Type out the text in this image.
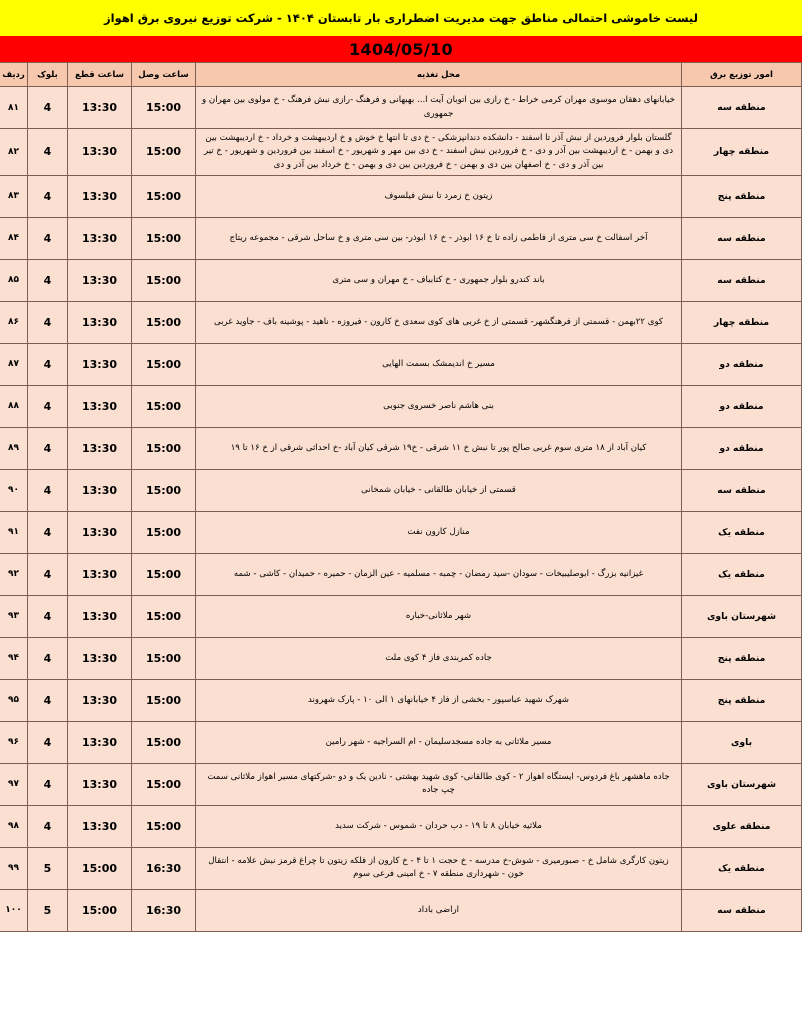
لیست خاموشی احتمالی مناطق جهت مدیریت اضطراری بار تابستان ۱۴۰۴ - شرکت توزیع نیروی برق اهواز
1404/05/10
امور توزیع برق	محل تغذیه	ساعت وصل	ساعت قطع	بلوک	ردیف
منطقه سه	خیابانهای دهقان موسوی مهران کرمی خراط - خ رازی بین اتوبان آیت ا... بهبهانی و فرهنگ -رازی نبش فرهنگ - خ مولوی بین مهران و جمهوری	15:00	13:30	4	۸۱
منطقه چهار	گلستان بلوار فروردین از نبش آذر تا اسفند - دانشکده دندانپزشکی - خ دی تا انتها خ خوش و خ اردیبهشت و خرداد - خ اردیبهشت بین دی و بهمن - خ اردیبهشت بین آذر و دی - خ فروردین نبش اسفند - خ دی بین مهر و شهریور - خ اسفند بین فروردین و شهریور - خ تیر بین آذر و دی - خ اصفهان بین دی و بهمن - خ فروردین بین دی و بهمن - خ خرداد بین آذر و دی	15:00	13:30	4	۸۲
منطقه پنج	زیتون خ زمرد تا نبش فیلسوف	15:00	13:30	4	۸۳
منطقه سه	آخر اسفالت خ سی متری از فاطمی زاده تا خ ۱۶ ابوذر - خ ۱۶ ابوذر- بین سی متری و خ ساحل شرقی - مجموعه ریتاج	15:00	13:30	4	۸۴
منطقه سه	باند کندرو بلوار جمهوری - خ کتابباف - خ مهران و سی متری	15:00	13:30	4	۸۵
منطقه چهار	کوی ۲۲بهمن - قسمتی از فرهنگشهر- قسمتی از خ غربی های کوی سعدی خ کارون - فیروزه - ناهید - پوشینه باف - جاوید غربی	15:00	13:30	4	۸۶
منطقه دو	مسیر خ اندیمشک بسمت الهایی	15:00	13:30	4	۸۷
منطقه دو	بنی هاشم ناصر خسروی جنوبی	15:00	13:30	4	۸۸
منطقه دو	کیان آباد از ۱۸ متری سوم غربی صالح پور تا نبش خ ۱۱ شرقی - خ۱۹ شرقی کیان آباد -خ احداثی شرقی از خ ۱۶ تا ۱۹	15:00	13:30	4	۸۹
منطقه سه	قسمتی از خیابان طالقانی - خیابان شمخانی	15:00	13:30	4	۹۰
منطقه یک	منازل کارون نفت	15:00	13:30	4	۹۱
منطقه یک	غیزانیه بزرگ - ابوصلیبیخات - سودان -سید رمضان - چمبه - مسلمیه - عین الزمان - حمیره - حمیدان - کاشی - شمه	15:00	13:30	4	۹۲
شهرستان باوی	شهر ملاثانی-خباره	15:00	13:30	4	۹۳
منطقه پنج	جاده کمربندی فاز ۴ کوی ملت	15:00	13:30	4	۹۴
منطقه پنج	شهرک شهید عباسپور - بخشی از فاز ۴ خیابانهای ۱ الی ۱۰ - پارک شهروند	15:00	13:30	4	۹۵
باوی	مسیر ملاثانی به جاده مسجدسلیمان - ام السراجیه - شهر رامین	15:00	13:30	4	۹۶
شهرستان باوی	جاده ماهشهر باغ فردوس- ایستگاه اهواز ۲ - کوی طالقانی- کوی شهید بهشتی - نادین یک و دو -شرکتهای مسیر اهواز ملاثانی سمت چپ جاده	15:00	13:30	4	۹۷
منطقه علوی	ملاثیه خیابان ۸ تا ۱۹ - دب حردان - شموس - شرکت سدید	15:00	13:30	4	۹۸
منطقه یک	زیتون کارگری شامل خ - صبورمیری - شوش-خ مدرسه - خ حجت ۱ تا ۴ - خ کارون از فلکه زیتون تا چراغ قرمز نبش علامه - انتقال خون - شهرداری منطقه ۷ - خ امینی فرعی سوم	16:30	15:00	5	۹۹
منطقه سه	اراضی باداد	16:30	15:00	5	۱۰۰
